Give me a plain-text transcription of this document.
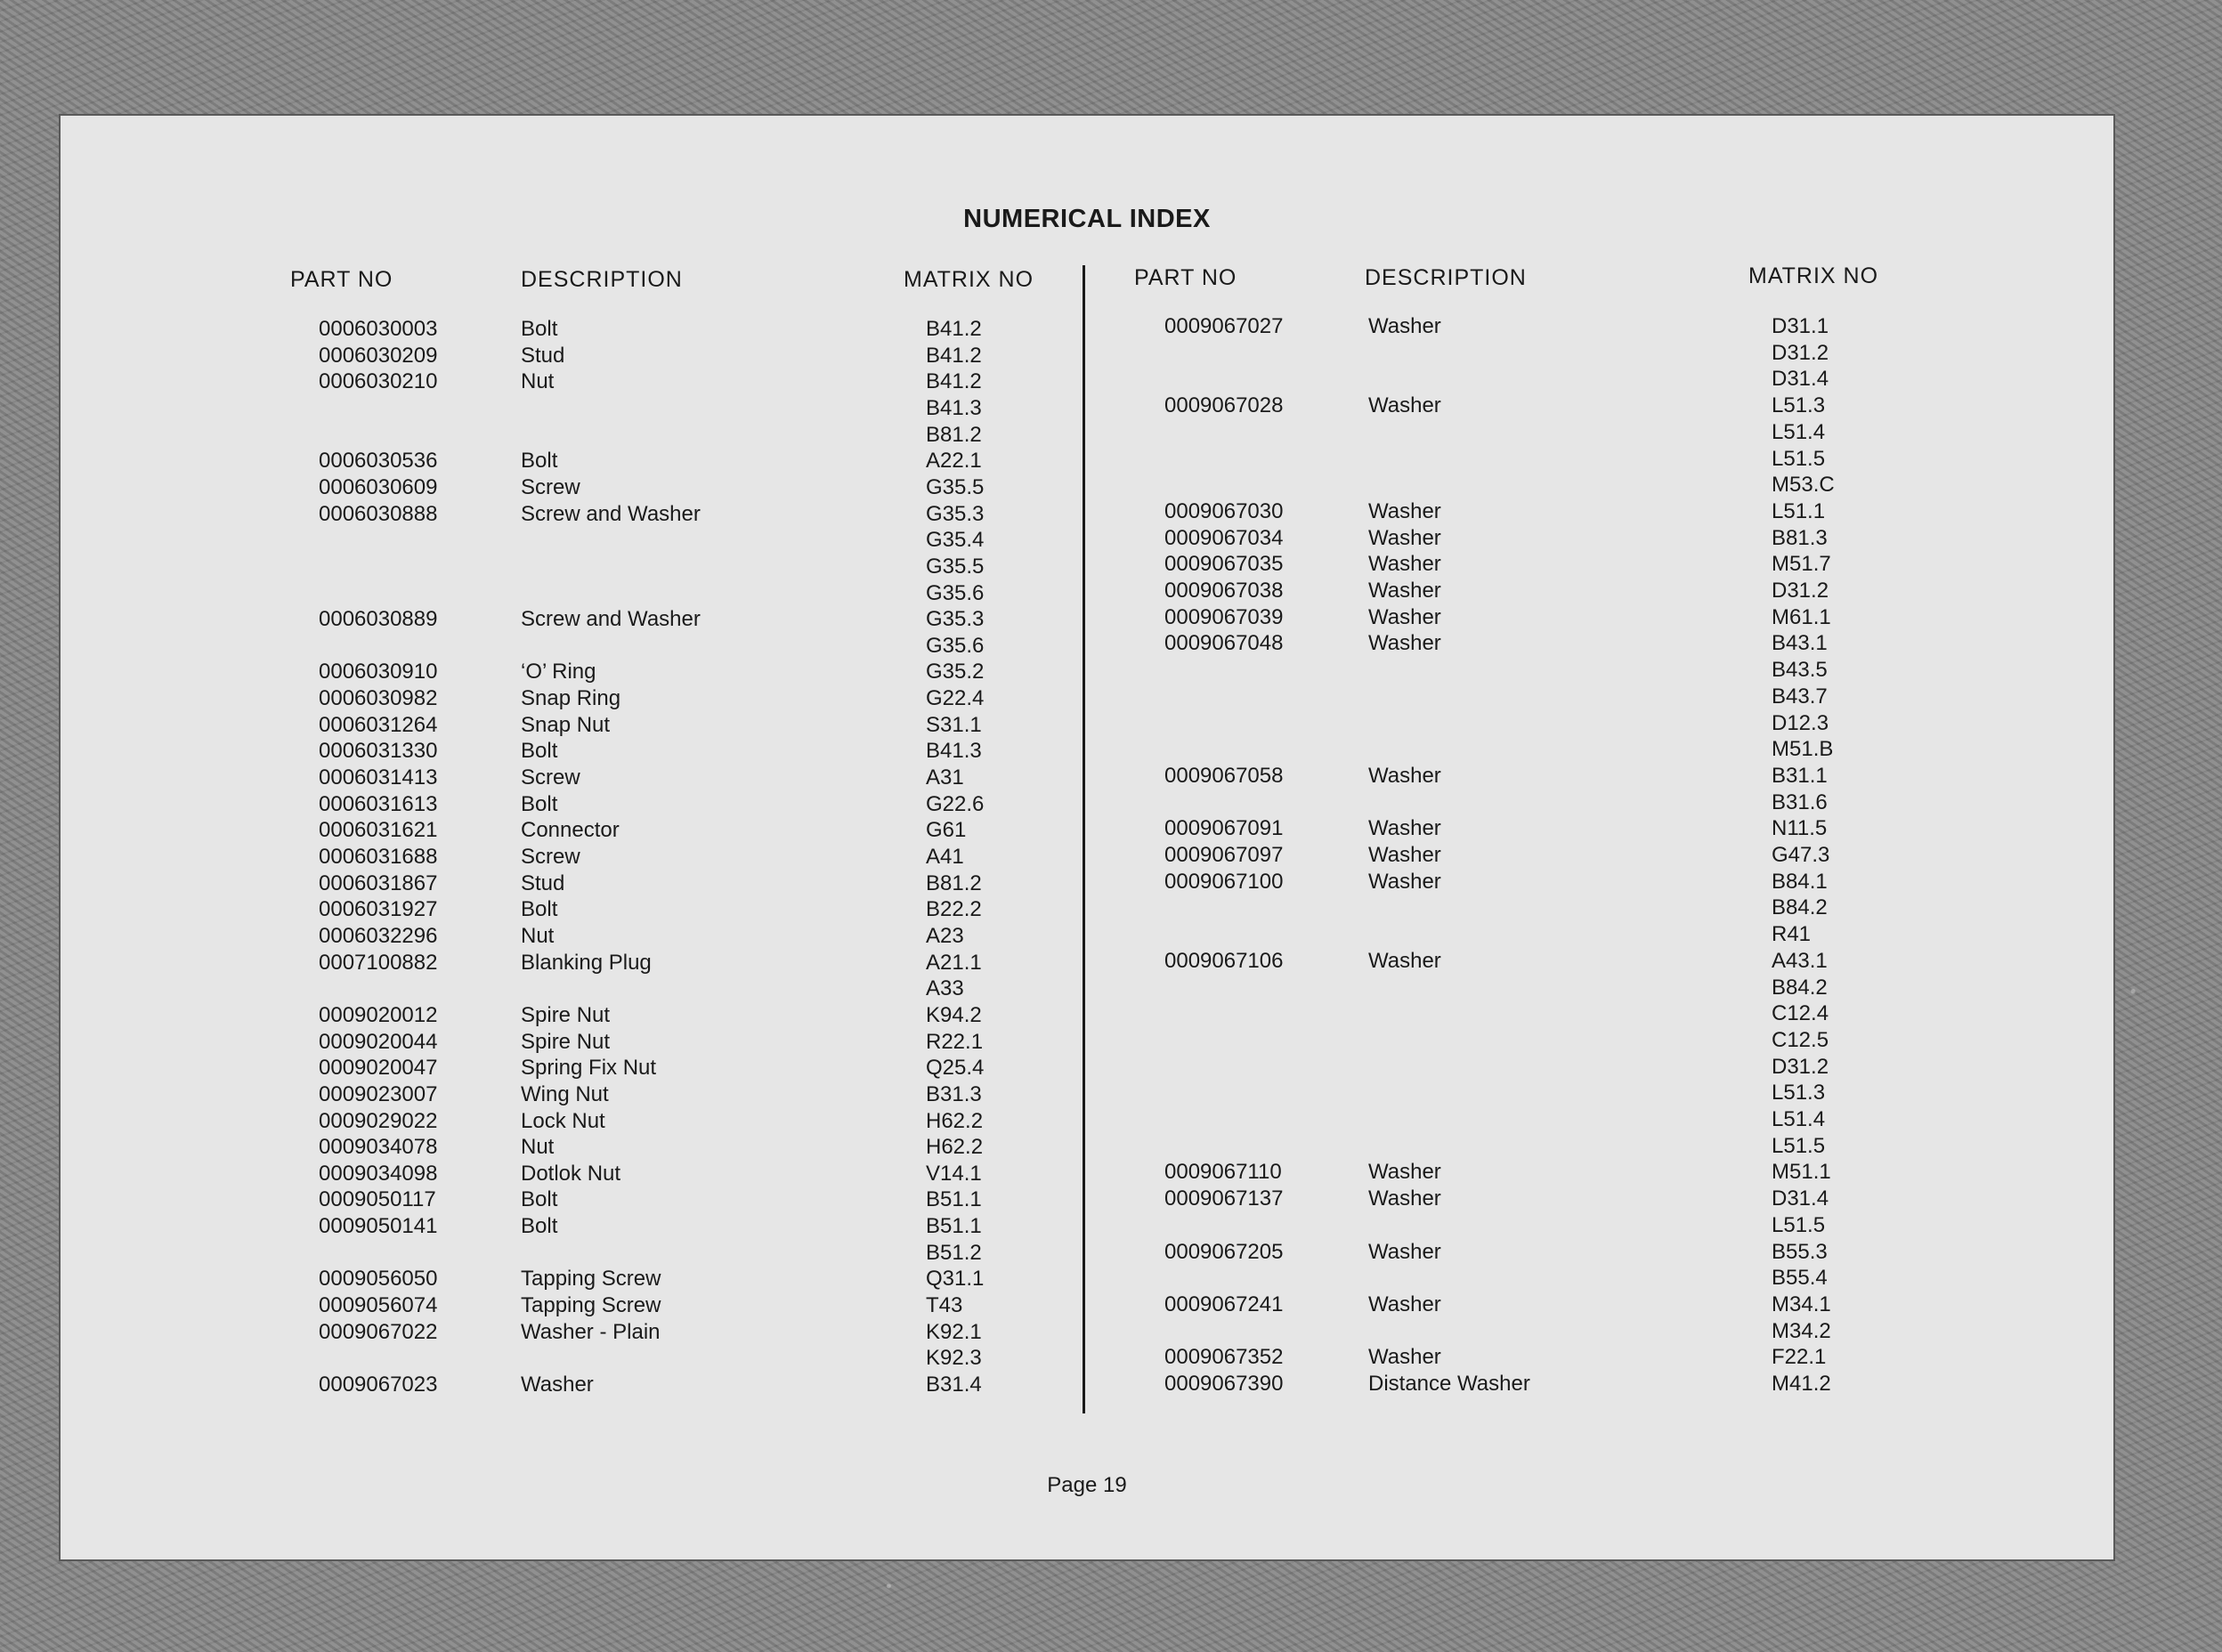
NUMERICAL INDEX
PART NO	DESCRIPTION	MATRIX NO	PART NO	DESCRIPTION	MATRIX NO
0006030003	Bolt	B41.2
0006030209	Stud	B41.2
0006030210	Nut	B41.2
B41.3
B81.2
0006030536	Bolt	A22.1
0006030609	Screw	G35.5
0006030888	Screw and Washer	G35.3
G35.4
G35.5
G35.6
0006030889	Screw and Washer	G35.3
G35.6
0006030910	‘O’ Ring	G35.2
0006030982	Snap Ring	G22.4
0006031264	Snap Nut	S31.1
0006031330	Bolt	B41.3
0006031413	Screw	A31
0006031613	Bolt	G22.6
0006031621	Connector	G61
0006031688	Screw	A41
0006031867	Stud	B81.2
0006031927	Bolt	B22.2
0006032296	Nut	A23
0007100882	Blanking Plug	A21.1
A33
0009020012	Spire Nut	K94.2
0009020044	Spire Nut	R22.1
0009020047	Spring Fix Nut	Q25.4
0009023007	Wing Nut	B31.3
0009029022	Lock Nut	H62.2
0009034078	Nut	H62.2
0009034098	Dotlok Nut	V14.1
0009050117	Bolt	B51.1
0009050141	Bolt	B51.1
B51.2
0009056050	Tapping Screw	Q31.1
0009056074	Tapping Screw	T43
0009067022	Washer - Plain	K92.1
K92.3
0009067023	Washer	B31.4
0009067027	Washer	D31.1
D31.2
D31.4
0009067028	Washer	L51.3
L51.4
L51.5
M53.C
0009067030	Washer	L51.1
0009067034	Washer	B81.3
0009067035	Washer	M51.7
0009067038	Washer	D31.2
0009067039	Washer	M61.1
0009067048	Washer	B43.1
B43.5
B43.7
D12.3
M51.B
0009067058	Washer	B31.1
B31.6
0009067091	Washer	N11.5
0009067097	Washer	G47.3
0009067100	Washer	B84.1
B84.2
R41
0009067106	Washer	A43.1
B84.2
C12.4
C12.5
D31.2
L51.3
L51.4
L51.5
0009067110	Washer	M51.1
0009067137	Washer	D31.4
L51.5
0009067205	Washer	B55.3
B55.4
0009067241	Washer	M34.1
M34.2
0009067352	Washer	F22.1
0009067390	Distance Washer	M41.2
Page 19
